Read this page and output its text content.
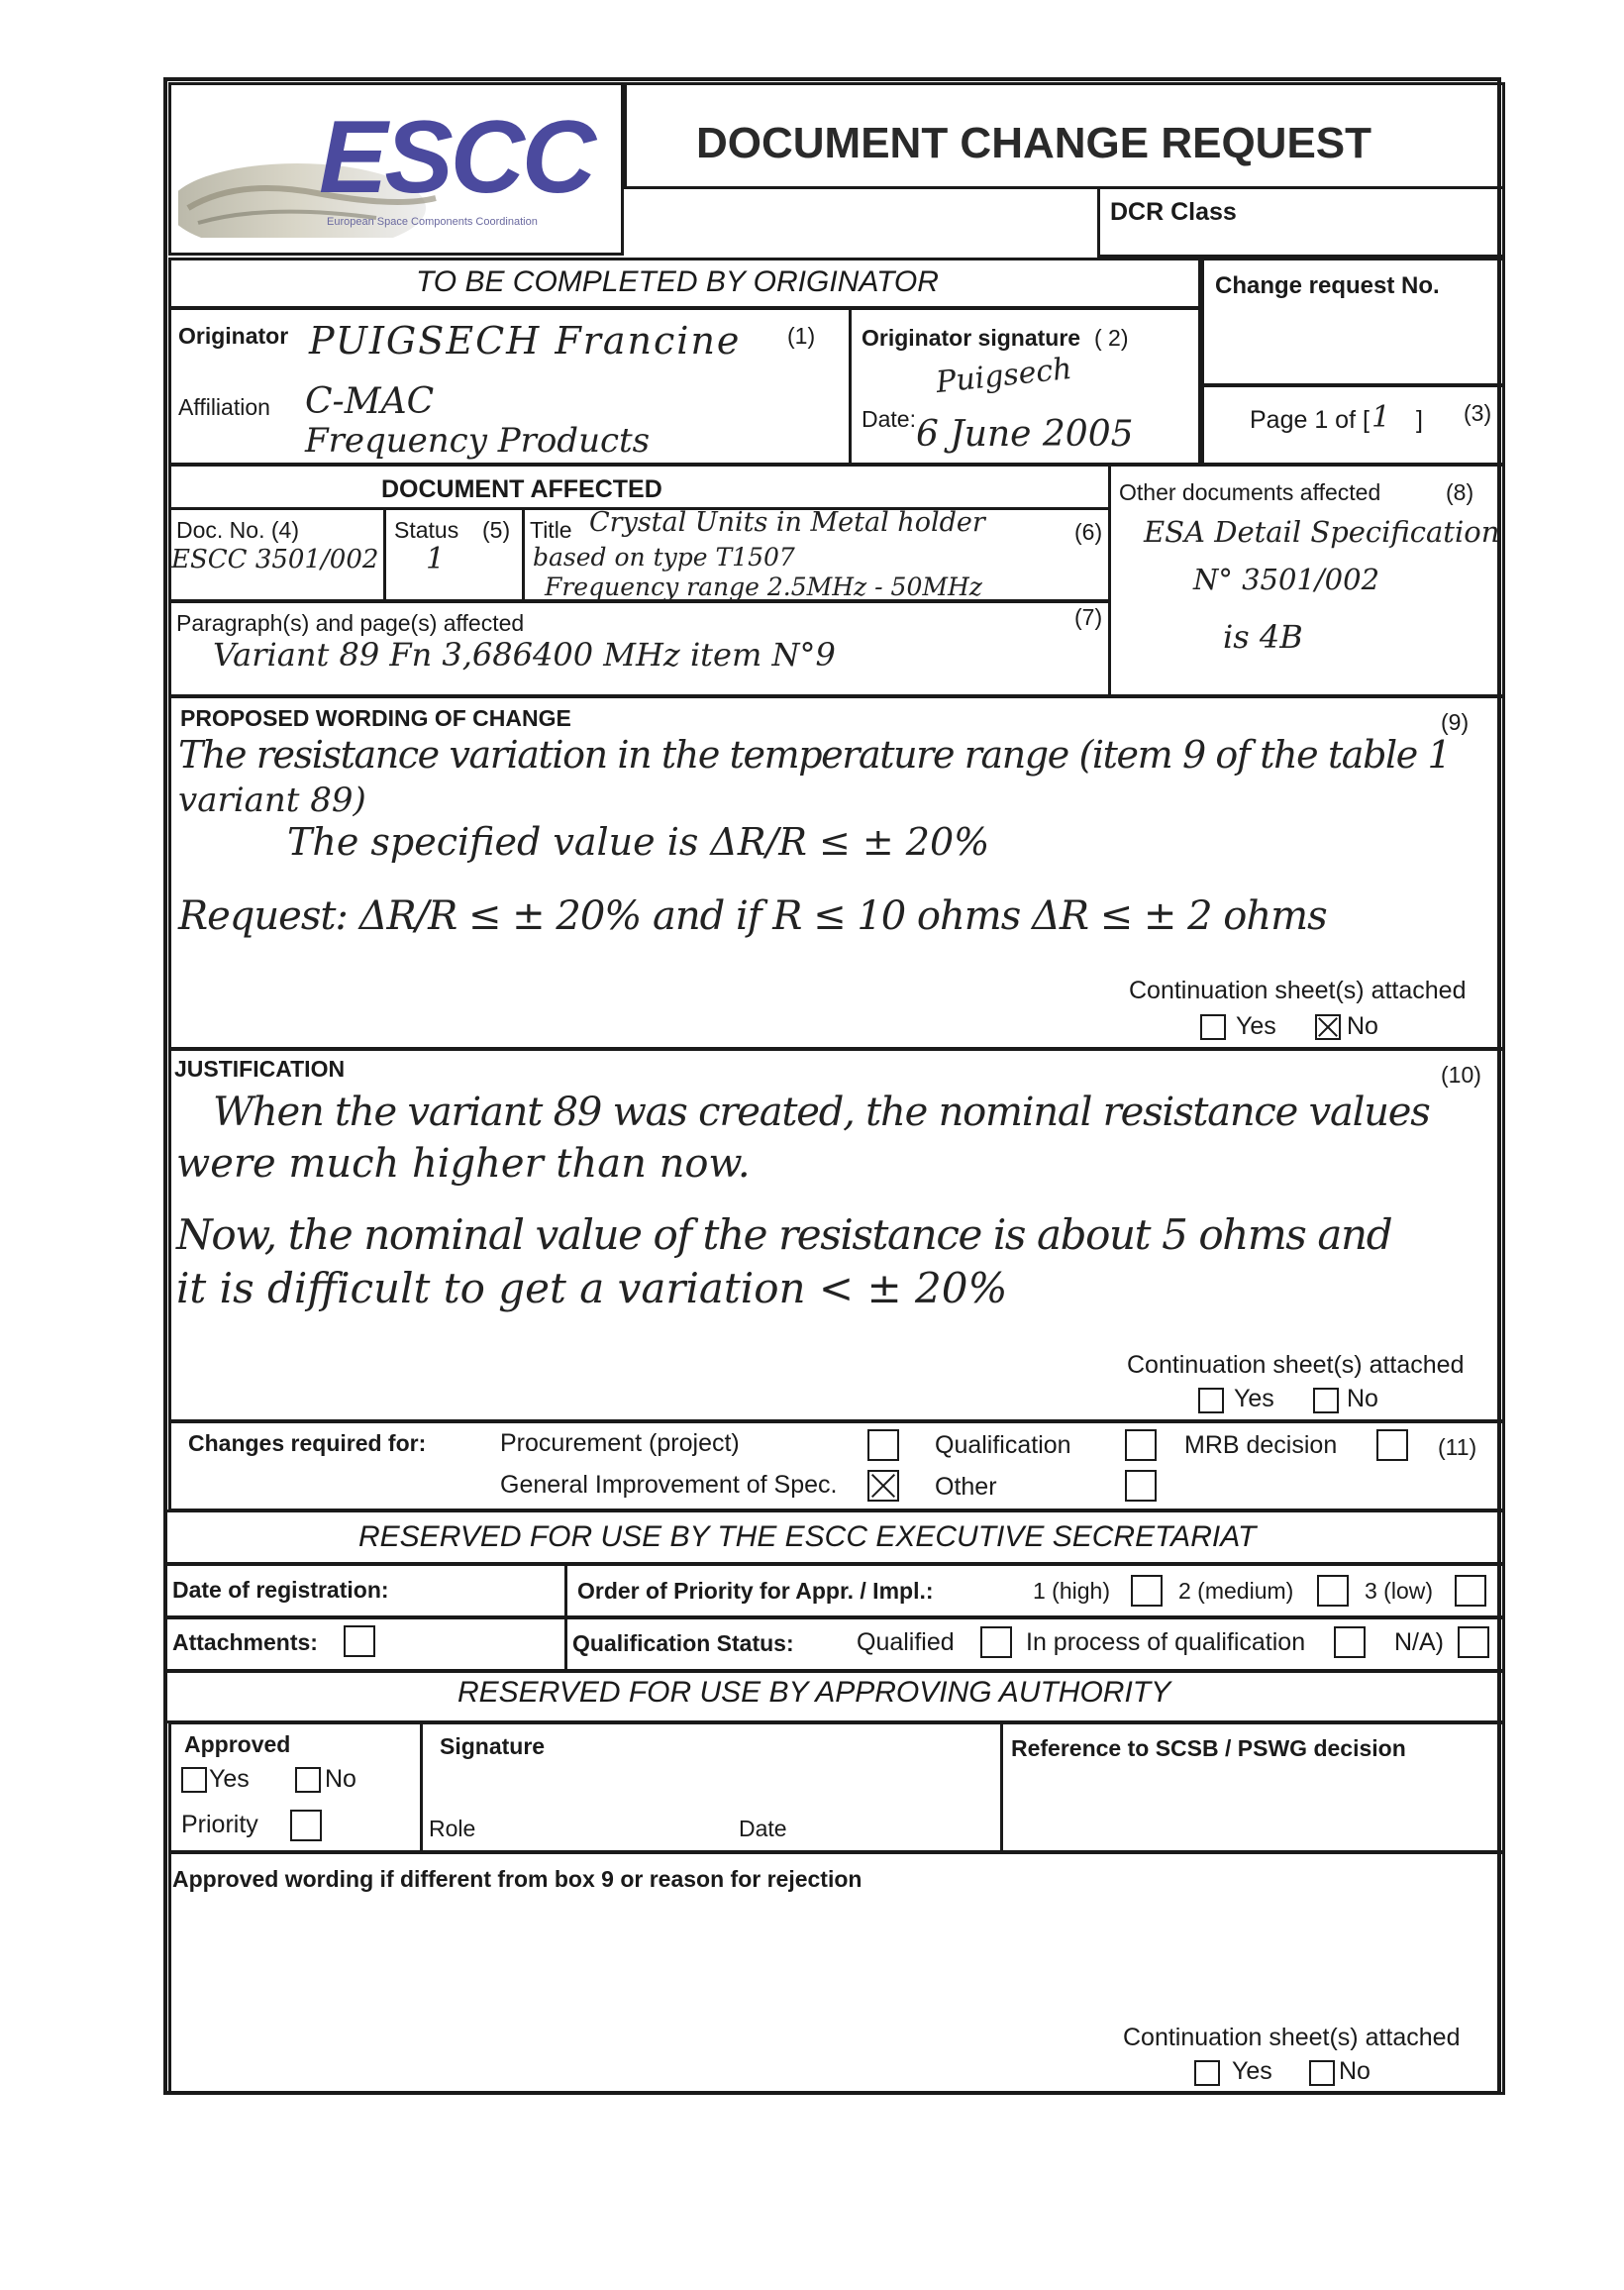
ESCC
European Space Components Coordination
DOCUMENT CHANGE REQUEST
DCR Class
TO BE COMPLETED BY ORIGINATOR	Change request No.
Originator PUIGSECH Francine (1)
Affiliation C-MAC
Frequency Products
Originator signature ( 2)
Puigsech
Date: 6 June 2005	Page 1 of [ 1 ] (3)
DOCUMENT AFFECTED
Doc. No. (4)
ESCC 3501/002
Status (5)
1
Title Crystal Units in Metal holder
based on type T1507
Frequency range 2.5MHz - 50MHz
(6)
Paragraph(s) and page(s) affected	(7)
Variant 89 Fn 3,686400 MHz item N°9
Other documents affected	(8)
ESA Detail Specification
N° 3501/002
is 4B
PROPOSED WORDING OF CHANGE	(9)
The resistance variation in the temperature range (item 9 of the table 1
variant 89)
The specified value is ΔR/R ≤ ± 20%
Request: ΔR/R ≤ ± 20% and if R ≤ 10 ohms ΔR ≤ ± 2 ohms
Continuation sheet(s) attached
Yes	No
JUSTIFICATION	(10)
When the variant 89 was created, the nominal resistance values
were much higher than now.
Now, the nominal value of the resistance is about 5 ohms and
it is difficult to get a variation < ± 20%
Continuation sheet(s) attached
Yes	No
Changes required for:	Procurement (project)	Qualification	MRB decision	(11)
General Improvement of Spec.	Other
RESERVED FOR USE BY THE ESCC EXECUTIVE SECRETARIAT
Date of registration:	Order of Priority for Appr. / Impl.:	1 (high)	2 (medium)	3 (low)
Attachments:	Qualification Status:	Qualified	In process of qualification	N/A)
RESERVED FOR USE BY APPROVING AUTHORITY
Approved
Yes	No
Priority
Signature
Role	Date
Reference to SCSB / PSWG decision
Approved wording if different from box 9 or reason for rejection
Continuation sheet(s) attached
Yes	No
